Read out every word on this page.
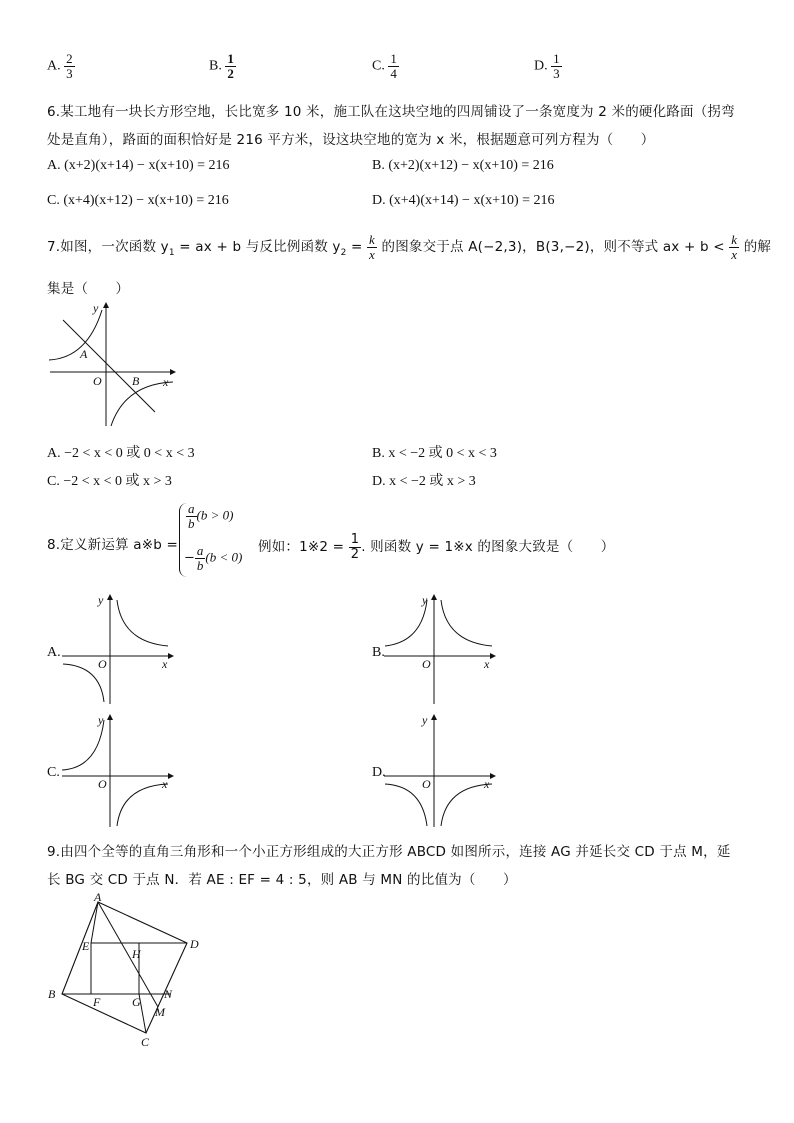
A. $\frac{2}{3}$	B. $\frac{1}{2}$	C. $\frac{1}{4}$	D. $\frac{1}{3}$
6.某工地有一块长方形空地，长比宽多 10 米，施工队在这块空地的四周铺设了一条宽度为 2 米的硬化路面（拐弯
处是直角），路面的面积恰好是 216 平方米，设这块空地的宽为 x 米，根据题意可列方程为（　　）
A. (x+2)(x+14) − x(x+10) = 216	B. (x+2)(x+12) − x(x+10) = 216
C. (x+4)(x+12) − x(x+10) = 216	D. (x+4)(x+14) − x(x+10) = 216
7.如图，一次函数 $y_1$ = ax + b 与反比例函数 $y_2 = \frac{k}{x}$ 的图象交于点 A(−2,3)，B(3,−2)，则不等式 ax + $b < \frac{k}{x}$ 的解
集是（　　）
x
y
O
A
B
A. −2 < x < 0 或 0 < x < 3	B. x < −2 或 0 < x < 3
C. −2 < x < 0 或 x > 3	D. x < −2 或 x > 3
8.定义新运算 a※b =
$\frac{a}{b} (b > 0)$
− $\frac{a}{b} (b < 0)$
例如：1※2 = $\frac{1}{2}$ . 则函数 y = 1※x 的图象大致是（　　）
A.
x
y
O
B.
x
y
O
C.
x
y
O
D.
x
y
O
9.由四个全等的直角三角形和一个小正方形组成的大正方形 ABCD 如图所示，连接 AG 并延长交 CD 于点 M，延
长 BG 交 CD 于点 N．若 AE : EF = 4 : 5，则 AB 与 MN 的比值为（　　）
A
D
B
C
E
H
F	G
N
M
